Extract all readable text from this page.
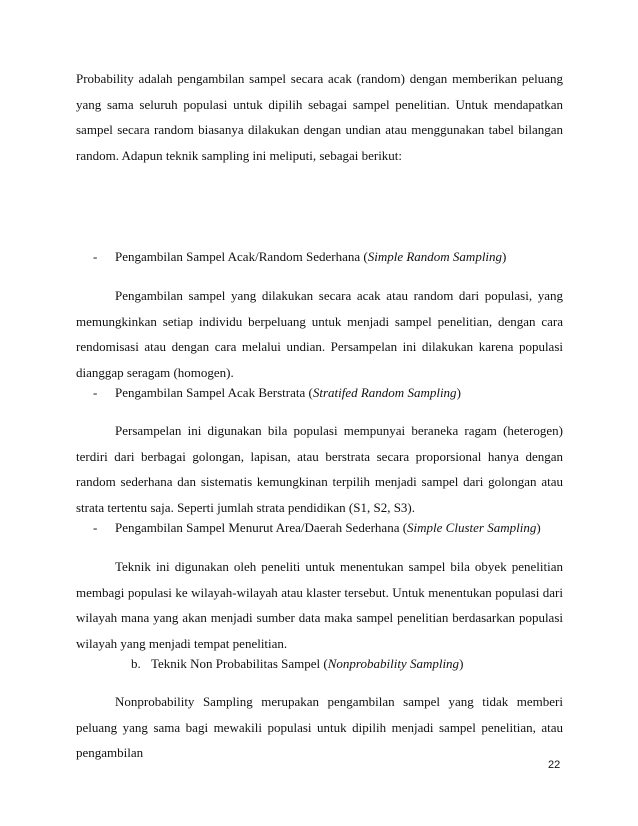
Probability adalah pengambilan sampel secara acak (random) dengan memberikan peluang yang sama seluruh populasi untuk dipilih sebagai sampel penelitian. Untuk mendapatkan sampel secara random biasanya dilakukan dengan undian atau menggunakan tabel bilangan random. Adapun teknik sampling ini meliputi, sebagai berikut:

- Pengambilan Sampel Acak/Random Sederhana (Simple Random Sampling)

Pengambilan sampel yang dilakukan secara acak atau random dari populasi, yang memungkinkan setiap individu berpeluang untuk menjadi sampel penelitian, dengan cara rendomisasi atau dengan cara melalui undian. Persampelan ini dilakukan karena populasi dianggap seragam (homogen).

- Pengambilan Sampel Acak Berstrata (Stratifed Random Sampling)

Persampelan ini digunakan bila populasi mempunyai beraneka ragam (heterogen) terdiri dari berbagai golongan, lapisan, atau berstrata secara proporsional hanya dengan random sederhana dan sistematis kemungkinan terpilih menjadi sampel dari golongan atau strata tertentu saja. Seperti jumlah strata pendidikan (S1, S2, S3).

- Pengambilan Sampel Menurut Area/Daerah Sederhana (Simple Cluster Sampling)

Teknik ini digunakan oleh peneliti untuk menentukan sampel bila obyek penelitian membagi populasi ke wilayah-wilayah atau klaster tersebut. Untuk menentukan populasi dari wilayah mana yang akan menjadi sumber data maka sampel penelitian berdasarkan populasi wilayah yang menjadi tempat penelitian.

b. Teknik Non Probabilitas Sampel (Nonprobability Sampling)

Nonprobability Sampling merupakan pengambilan sampel yang tidak memberi peluang yang sama bagi mewakili populasi untuk dipilih menjadi sampel penelitian, atau pengambilan

22
